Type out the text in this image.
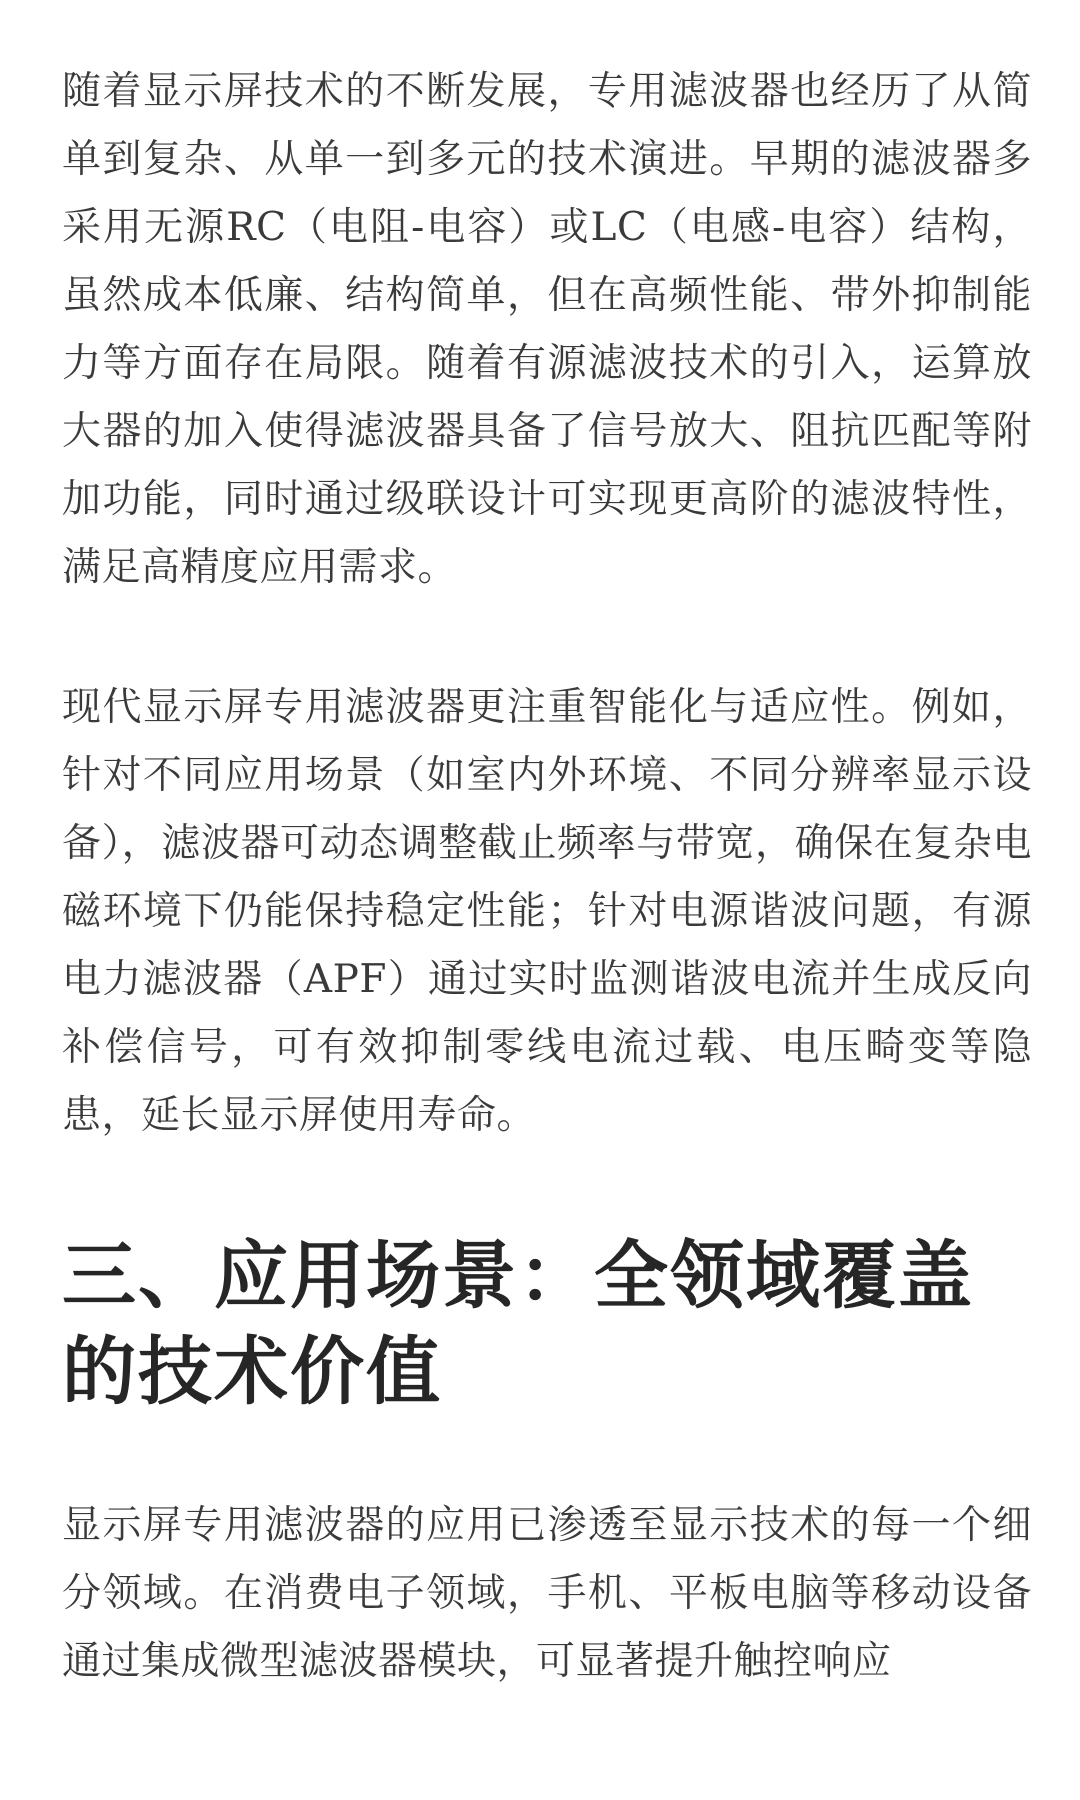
随着显示屏技术的不断发展，专用滤波器也经历了从简单到复杂、从单一到多元的技术演进。早期的滤波器多采用无源RC（电阻-电容）或LC（电感-电容）结构，虽然成本低廉、结构简单，但在高频性能、带外抑制能力等方面存在局限。随着有源滤波技术的引入，运算放大器的加入使得滤波器具备了信号放大、阻抗匹配等附加功能，同时通过级联设计可实现更高阶的滤波特性，满足高精度应用需求。

现代显示屏专用滤波器更注重智能化与适应性。例如，针对不同应用场景（如室内外环境、不同分辨率显示设备），滤波器可动态调整截止频率与带宽，确保在复杂电磁环境下仍能保持稳定性能；针对电源谐波问题，有源电力滤波器（APF）通过实时监测谐波电流并生成反向补偿信号，可有效抑制零线电流过载、电压畸变等隐患，延长显示屏使用寿命。

三、应用场景：全领域覆盖的技术价值

显示屏专用滤波器的应用已渗透至显示技术的每一个细分领域。在消费电子领域，手机、平板电脑等移动设备通过集成微型滤波器模块，可显著提升触控响应
